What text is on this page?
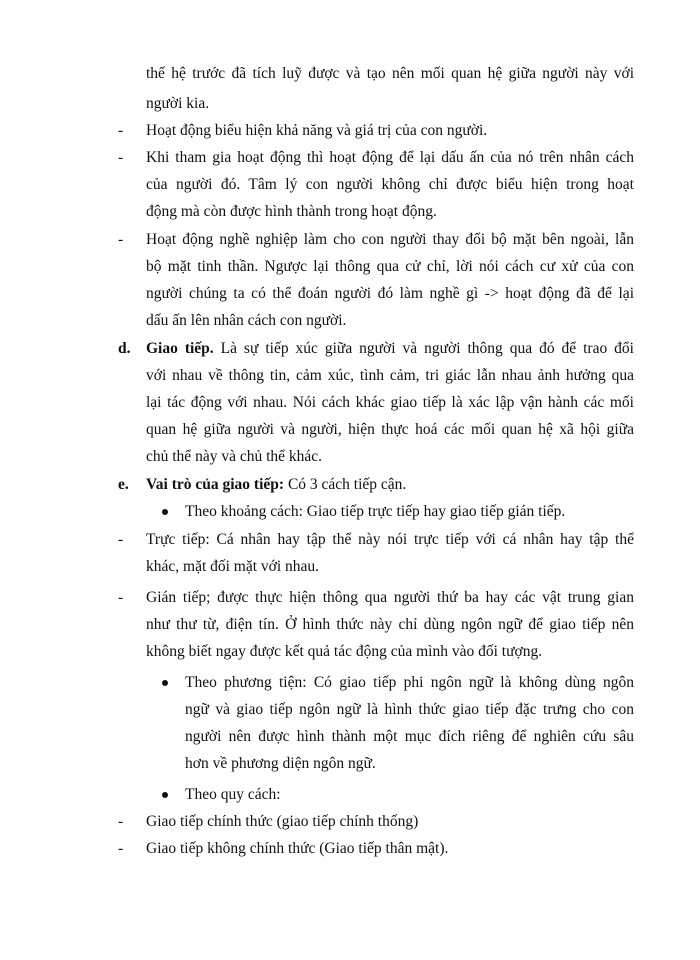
thế hệ trước đã tích luỹ được và tạo nên mối quan hệ giữa người này với
người kia.
- Hoạt động biểu hiện khả năng và giá trị của con người.
- Khi tham gia hoạt động thì hoạt động để lại dấu ấn của nó trên nhân cách
của người đó. Tâm lý con người không chỉ được biểu hiện trong hoạt
động mà còn được hình thành trong hoạt động.
- Hoạt động nghề nghiệp làm cho con người thay đổi bộ mặt bên ngoài, lẫn
bộ mặt tinh thần. Ngược lại thông qua cử chỉ, lời nói cách cư xử của con
người chúng ta có thể đoán người đó làm nghề gì -> hoạt động đã để lại
dấu ấn lên nhân cách con người.
d. Giao tiếp. Là sự tiếp xúc giữa người và người thông qua đó để trao đổi
với nhau về thông tin, cảm xúc, tình cảm, tri giác lẫn nhau ảnh hưởng qua
lại tác động với nhau. Nói cách khác giao tiếp là xác lập vận hành các mối
quan hệ giữa người và người, hiện thực hoá các mối quan hệ xã hội giữa
chủ thể này và chủ thể khác.
e. Vai trò của giao tiếp: Có 3 cách tiếp cận.
Theo khoảng cách: Giao tiếp trực tiếp hay giao tiếp gián tiếp.
- Trực tiếp: Cá nhân hay tập thể này nói trực tiếp với cá nhân hay tập thể
khác, mặt đối mặt với nhau.
- Gián tiếp; được thực hiện thông qua người thứ ba hay các vật trung gian
như thư từ, điện tín. Ở hình thức này chỉ dùng ngôn ngữ để giao tiếp nên
không biết ngay được kết quả tác động của mình vào đối tượng.
Theo phương tiện: Có giao tiếp phi ngôn ngữ là không dùng ngôn
ngữ và giao tiếp ngôn ngữ là hình thức giao tiếp đặc trưng cho con
người nên được hình thành một mục đích riêng để nghiên cứu sâu
hơn về phương diện ngôn ngữ.
Theo quy cách:
- Giao tiếp chính thức (giao tiếp chính thống)
- Giao tiếp không chính thức (Giao tiếp thân mật).
